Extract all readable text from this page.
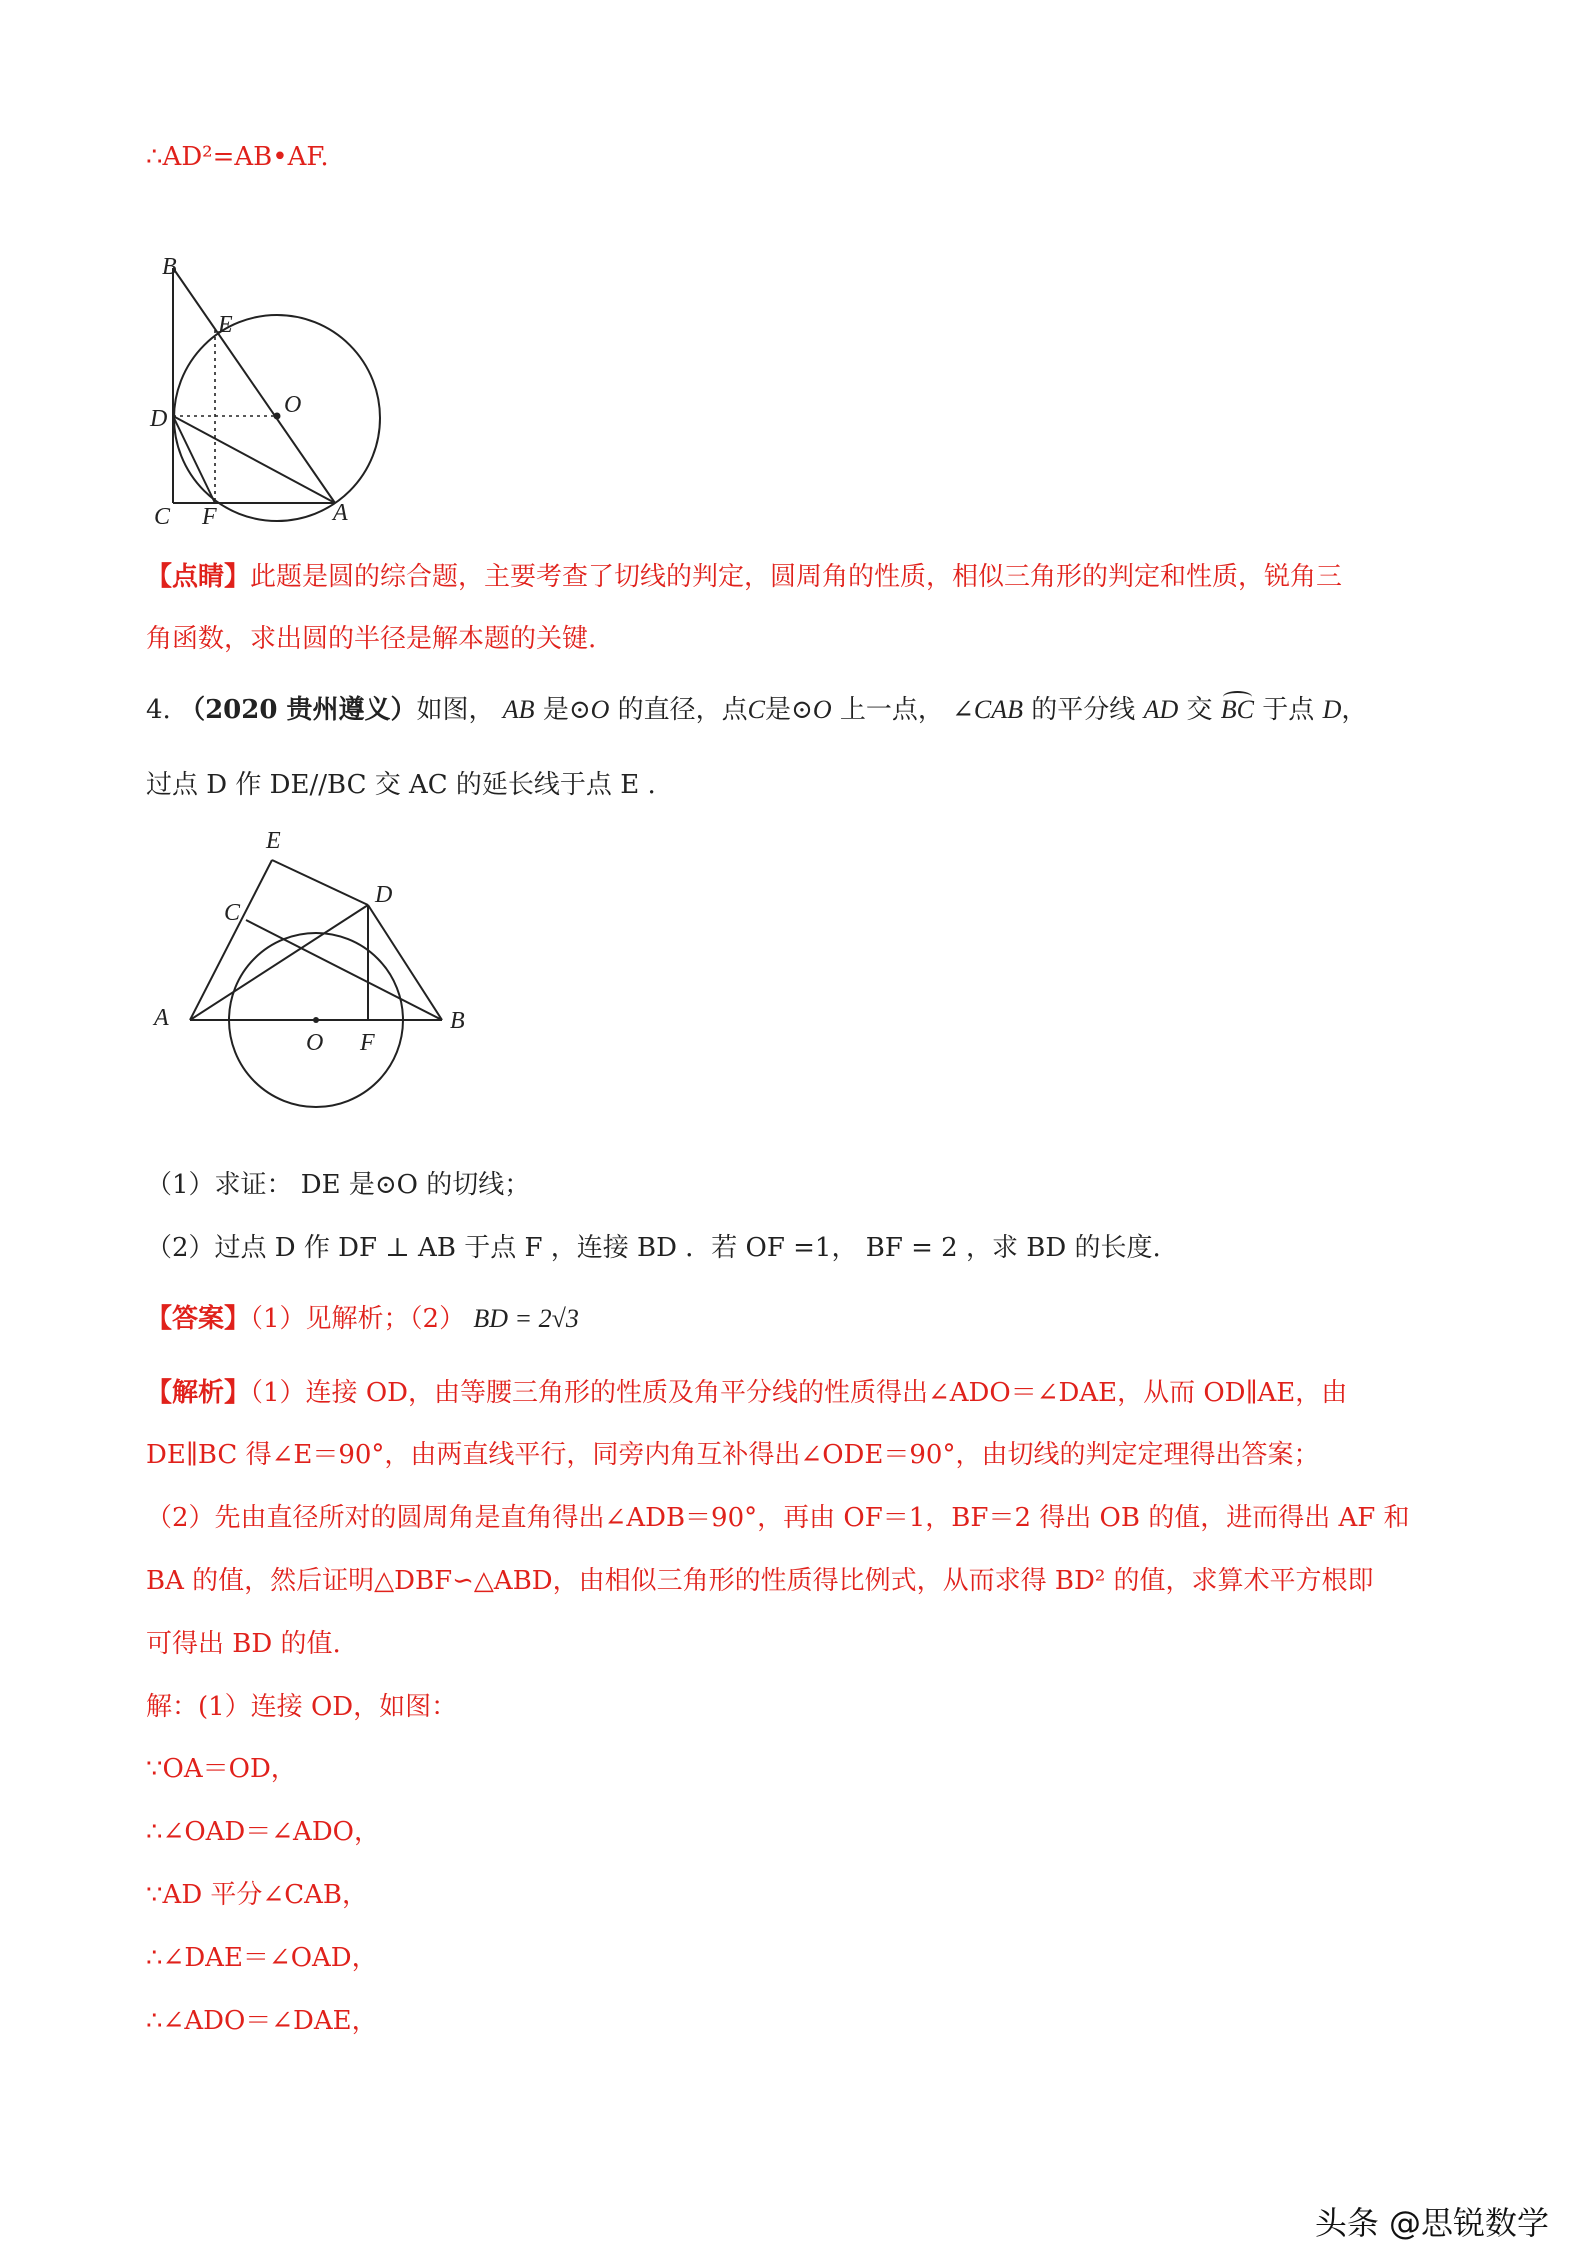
∴AD²=AB•AF.
B
E
D
O
C F	A
【点睛】此题是圆的综合题，主要考查了切线的判定，圆周角的性质，相似三角形的判定和性质，锐角三
角函数，求出圆的半径是解本题的关键.
4. （2020 贵州遵义）如图， AB 是⊙O 的直径，点C是⊙O 上一点， ∠CAB 的平分线 AD 交 BC 于点 D，
过点 D 作 DE//BC 交 AC 的延长线于点 E .
E
C
D
A
O F
B
（1）求证： DE 是⊙O 的切线；
（2）过点 D 作 DF ⊥ AB 于点 F ，连接 BD ．若 OF =1， BF = 2 ，求 BD 的长度.
【答案】（1）见解析；（2） BD = 2√3
【解析】（1）连接 OD，由等腰三角形的性质及角平分线的性质得出∠ADO＝∠DAE，从而 OD∥AE，由
DE∥BC 得∠E＝90°，由两直线平行，同旁内角互补得出∠ODE＝90°，由切线的判定定理得出答案；
（2）先由直径所对的圆周角是直角得出∠ADB＝90°，再由 OF＝1，BF＝2 得出 OB 的值，进而得出 AF 和
BA 的值，然后证明△DBF∽△ABD，由相似三角形的性质得比例式，从而求得 BD² 的值，求算术平方根即
可得出 BD 的值.
解：(1）连接 OD，如图：
∵OA＝OD，
∴∠OAD＝∠ADO，
∵AD 平分∠CAB，
∴∠DAE＝∠OAD，
∴∠ADO＝∠DAE，
头条 @思锐数学
